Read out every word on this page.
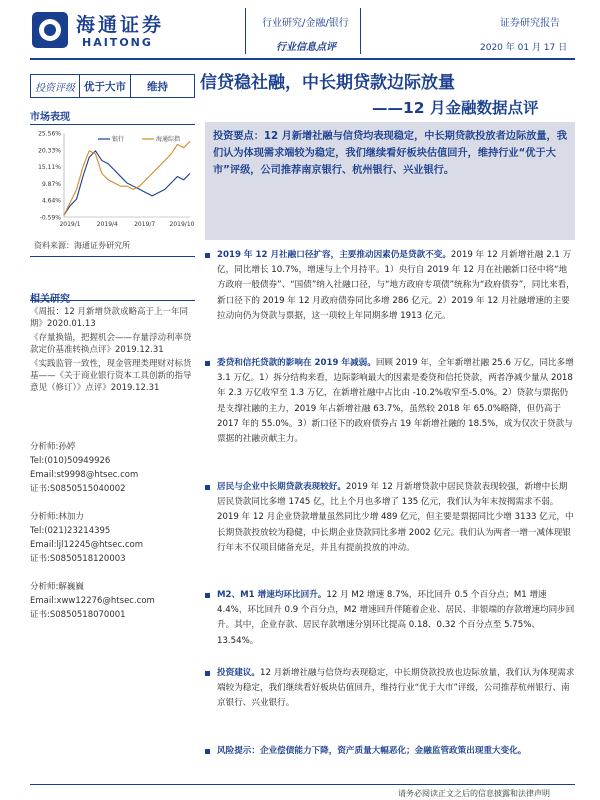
海通证券
HAITONG
行业研究/金融/银行
行业信息点评
证券研究报告
2020 年 01 月 17 日
投资评级 优于大市	维持
市场表现
25.56%
20.33%
15.11%
9.87%
4.64%
-0.59%
2019/1	2019/4	2019/7 2019/10
银行	海通综指
资料来源：海通证券研究所

《周报：12 月新增贷款成略高于上一年同期》2020.01.13

《存量换锚，把握机会——存量浮动利率贷款定价基准转换点评》2019.12.31

《实践监管一致性，现金管理类理财对标货基——《关于商业银行资本工具创新的指导意见（修订）》点评》2019.12.31

分析师:孙婷
Tel:(010)50949926
Email:st9998@htsec.com
证书:S0850515040002
分析师:林加力
Tel:(021)23214395
Email:ljl12245@htsec.com
证书:S0850518120003
分析师:解巍巍
Email:xww12276@htsec.com
证书:S0850518070001
信贷稳社融，中长期贷款边际放量
——12 月金融数据点评

投资要点：12 月新增社融与信贷均表现稳定，中长期贷款投放者边际放量，我们认为体现需求端较为稳定，我们继续看好板块估值回升，维持行业“优于大市”评级，公司推荐南京银行、杭州银行、兴业银行。

2019 年 12 月社融口径扩容，主要推动因素仍是贷款不变。2019 年 12 月新增社融 2.1 万亿，同比增长 10.7%，增速与上个月持平。1）央行自 2019 年 12 月在社融新口径中将“地方政府一般债券”、“国债”纳入社融口径，与“地方政府专项债”统称为“政府债券”，同比来看，新口径下的 2019 年 12 月政府债券同比多增 286 亿元。2）2019 年 12 月社融增速的主要拉动向仍为贷款与票据，这一项较上年同期多增 1913 亿元。
委贷和信托贷款的影响在 2019 年减弱。回顾 2019 年，全年新增社融 25.6 万亿，同比多增 3.1 万亿。1）拆分结构来看，边际影响最大的因素是委贷和信托贷款，两者净减少量从 2018 年 2.3 万亿收窄至 1.3 万亿，在新增社融中占比由 -10.2%收窄至-5.0%。2）贷款与票据仍是支撑社融的主力，2019 年占新增社融 63.7%，虽然较 2018 年 65.0%略降，但仍高于 2017 年的 55.0%。3）新口径下的政府债券占 19 年新增社融的 18.5%，成为仅次于贷款与票据的社融贡献主力。
居民与企业中长期贷款表现较好。2019 年 12 月新增贷款中居民贷款表现较强，新增中长期居民贷款同比多增 1745 亿，比上个月也多增了 135 亿元，我们认为年末按揭需求不弱。2019 年 12 月企业贷款增量虽然同比少增 489 亿元，但主要是票据同比少增 3133 亿元，中长期贷款投放较为稳健，中长期企业贷款同比多增 2002 亿元。我们认为两者一增一减体现银行年末不仅项目储备充足，并且有提前投放的冲动。
M2、M1 增速均环比回升。12 月 M2 增速 8.7%，环比回升 0.5 个百分点；M1 增速 4.4%，环比回升 0.9 个百分点，M2 增速回升伴随着企业、居民、非银端的存款增速均同步回升。其中，企业存款、居民存款增速分别环比提高 0.18、0.32 个百分点至 5.75%、13.54%。
投资建议。12 月新增社融与信贷均表现稳定，中长期贷款投放也边际放量，我们认为体现需求端较为稳定，我们继续看好板块估值回升，维持行业“优于大市”评级，公司推荐杭州银行、南京银行、兴业银行。
风险提示：企业偿债能力下降，资产质量大幅恶化；金融监管政策出现重大变化。
请务必阅读正文之后的信息披露和法律声明
